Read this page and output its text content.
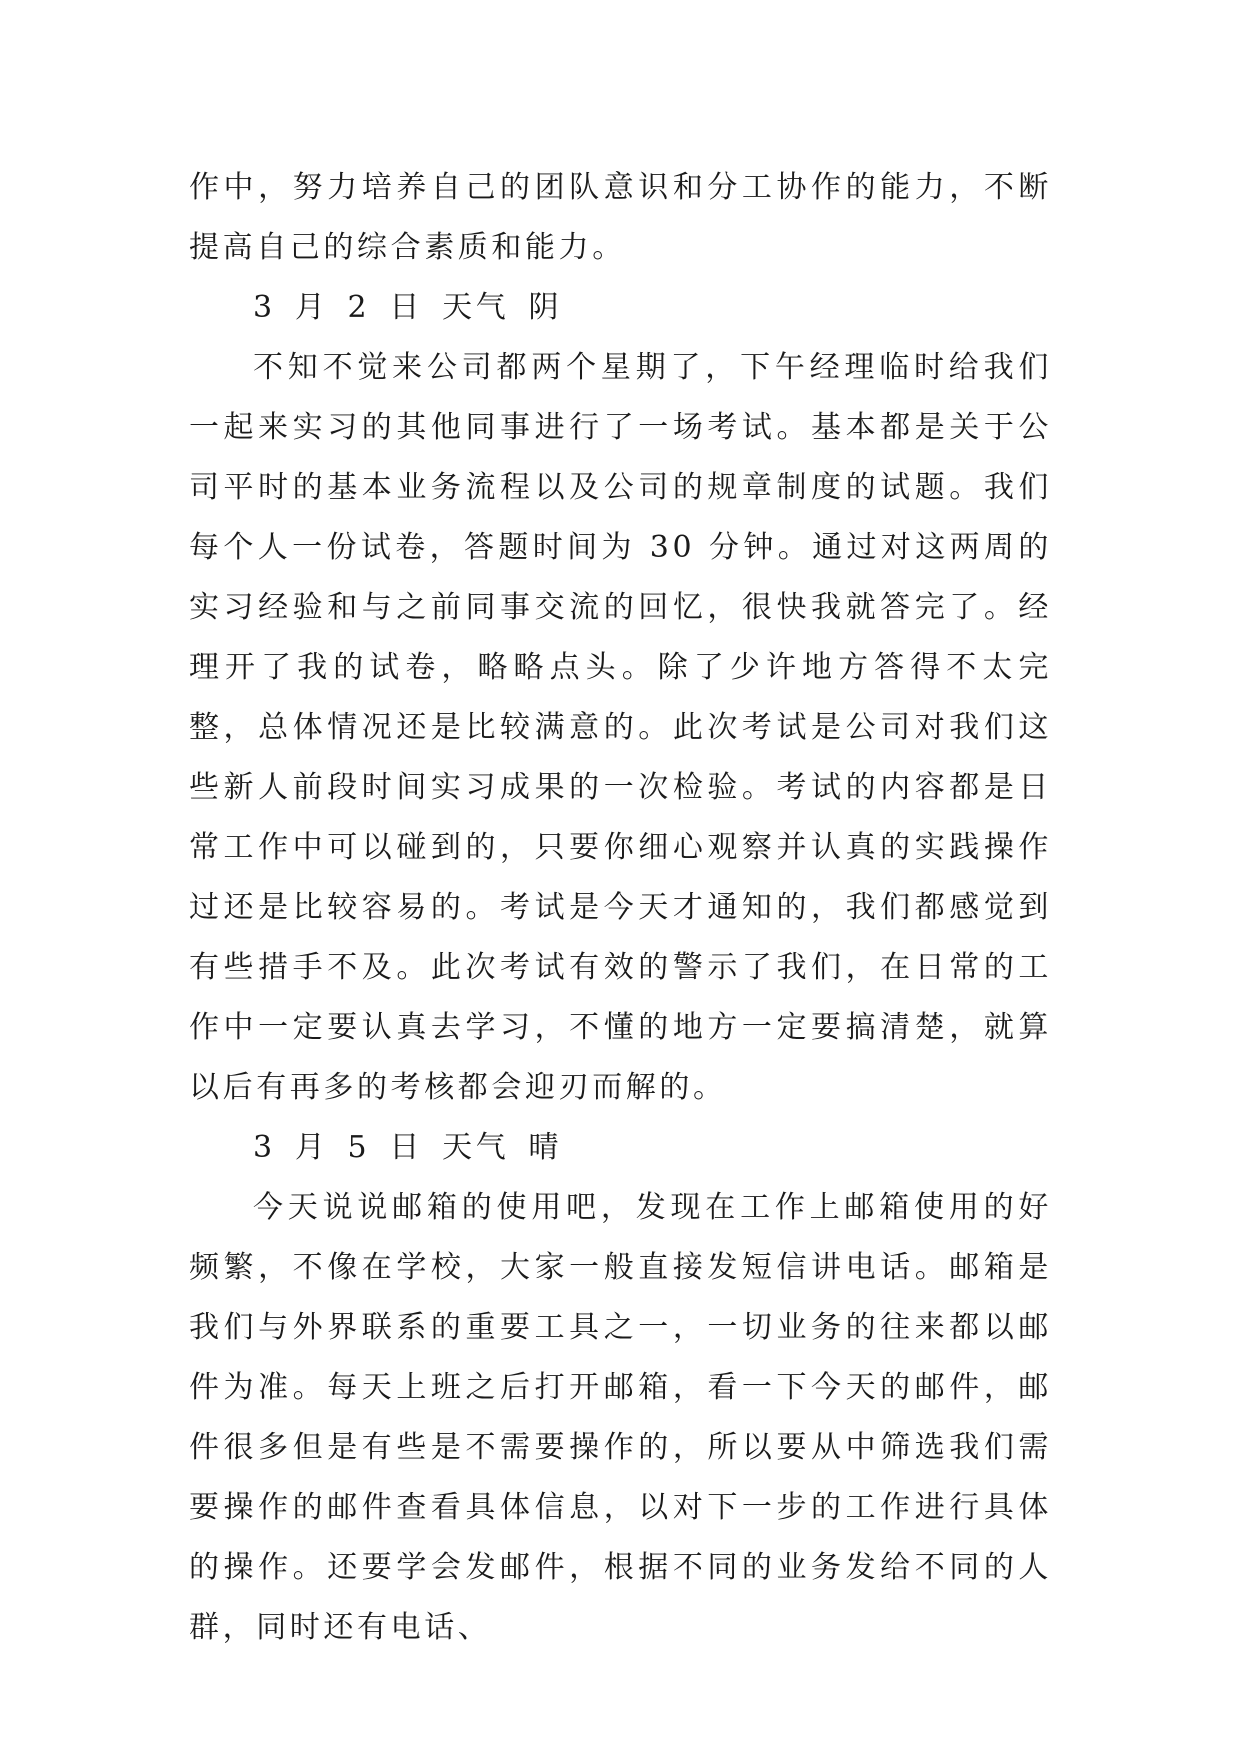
作中，努力培养自己的团队意识和分工协作的能力，不断提高自己的综合素质和能力。

3 月 2 日 天气 阴

不知不觉来公司都两个星期了，下午经理临时给我们一起来实习的其他同事进行了一场考试。基本都是关于公司平时的基本业务流程以及公司的规章制度的试题。我们每个人一份试卷，答题时间为 30 分钟。通过对这两周的实习经验和与之前同事交流的回忆，很快我就答完了。经理开了我的试卷，略略点头。除了少许地方答得不太完整，总体情况还是比较满意的。此次考试是公司对我们这些新人前段时间实习成果的一次检验。考试的内容都是日常工作中可以碰到的，只要你细心观察并认真的实践操作过还是比较容易的。考试是今天才通知的，我们都感觉到有些措手不及。此次考试有效的警示了我们，在日常的工作中一定要认真去学习，不懂的地方一定要搞清楚，就算以后有再多的考核都会迎刃而解的。

3 月 5 日 天气 晴

今天说说邮箱的使用吧，发现在工作上邮箱使用的好频繁，不像在学校，大家一般直接发短信讲电话。邮箱是我们与外界联系的重要工具之一，一切业务的往来都以邮件为准。每天上班之后打开邮箱，看一下今天的邮件，邮件很多但是有些是不需要操作的，所以要从中筛选我们需要操作的邮件查看具体信息，以对下一步的工作进行具体的操作。还要学会发邮件，根据不同的业务发给不同的人群，同时还有电话、
